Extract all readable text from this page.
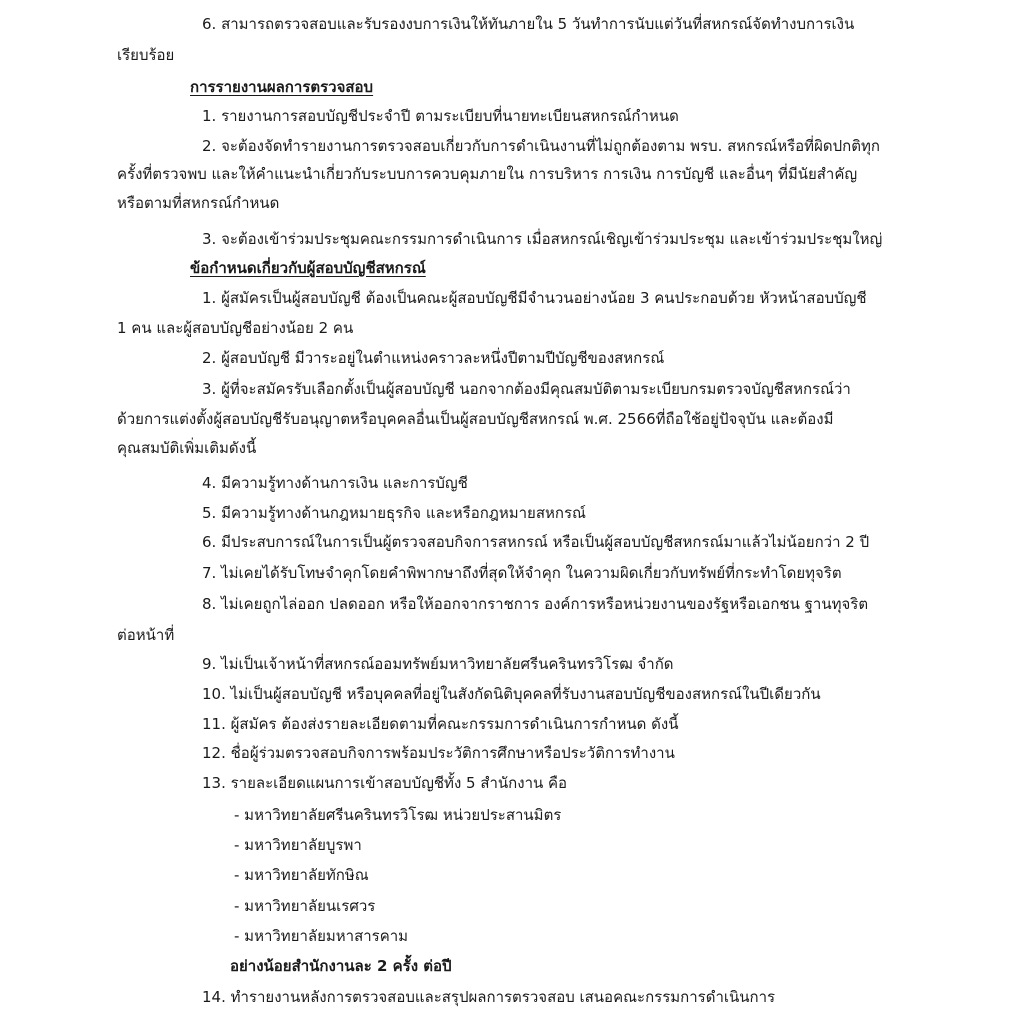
6. สามารถตรวจสอบและรับรองงบการเงินให้ทันภายใน 5 วันทำการนับแต่วันที่สหกรณ์จัดทำงบการเงิน
เรียบร้อย
การรายงานผลการตรวจสอบ
1. รายงานการสอบบัญชีประจำปี ตามระเบียบที่นายทะเบียนสหกรณ์กำหนด
2. จะต้องจัดทำรายงานการตรวจสอบเกี่ยวกับการดำเนินงานที่ไม่ถูกต้องตาม พรบ. สหกรณ์หรือที่ผิดปกติทุก
ครั้งที่ตรวจพบ และให้คำแนะนำเกี่ยวกับระบบการควบคุมภายใน การบริหาร การเงิน การบัญชี และอื่นๆ ที่มีนัยสำคัญ
หรือตามที่สหกรณ์กำหนด
3. จะต้องเข้าร่วมประชุมคณะกรรมการดำเนินการ เมื่อสหกรณ์เชิญเข้าร่วมประชุม และเข้าร่วมประชุมใหญ่
ข้อกำหนดเกี่ยวกับผู้สอบบัญชีสหกรณ์
1. ผู้สมัครเป็นผู้สอบบัญชี ต้องเป็นคณะผู้สอบบัญชีมีจำนวนอย่างน้อย 3 คนประกอบด้วย หัวหน้าสอบบัญชี
1 คน และผู้สอบบัญชีอย่างน้อย 2 คน
2. ผู้สอบบัญชี มีวาระอยู่ในตำแหน่งคราวละหนึ่งปีตามปีบัญชีของสหกรณ์
3. ผู้ที่จะสมัครรับเลือกตั้งเป็นผู้สอบบัญชี นอกจากต้องมีคุณสมบัติตามระเบียบกรมตรวจบัญชีสหกรณ์ว่า
ด้วยการแต่งตั้งผู้สอบบัญชีรับอนุญาตหรือบุคคลอื่นเป็นผู้สอบบัญชีสหกรณ์ พ.ศ. 2566ที่ถือใช้อยู่ปัจจุบัน และต้องมี
คุณสมบัติเพิ่มเติมดังนี้
4. มีความรู้ทางด้านการเงิน และการบัญชี
5. มีความรู้ทางด้านกฎหมายธุรกิจ และหรือกฎหมายสหกรณ์
6. มีประสบการณ์ในการเป็นผู้ตรวจสอบกิจการสหกรณ์ หรือเป็นผู้สอบบัญชีสหกรณ์มาแล้วไม่น้อยกว่า 2 ปี
7. ไม่เคยได้รับโทษจำคุกโดยคำพิพากษาถึงที่สุดให้จำคุก ในความผิดเกี่ยวกับทรัพย์ที่กระทำโดยทุจริต
8. ไม่เคยถูกไล่ออก ปลดออก หรือให้ออกจากราชการ องค์การหรือหน่วยงานของรัฐหรือเอกชน ฐานทุจริต
ต่อหน้าที่
9. ไม่เป็นเจ้าหน้าที่สหกรณ์ออมทรัพย์มหาวิทยาลัยศรีนครินทรวิโรฒ จำกัด
10. ไม่เป็นผู้สอบบัญชี หรือบุคคลที่อยู่ในสังกัดนิติบุคคลที่รับงานสอบบัญชีของสหกรณ์ในปีเดียวกัน
11. ผู้สมัคร ต้องส่งรายละเอียดตามที่คณะกรรมการดำเนินการกำหนด ดังนี้
12. ชื่อผู้ร่วมตรวจสอบกิจการพร้อมประวัติการศึกษาหรือประวัติการทำงาน
13. รายละเอียดแผนการเข้าสอบบัญชีทั้ง 5 สำนักงาน คือ
- มหาวิทยาลัยศรีนครินทรวิโรฒ หน่วยประสานมิตร
- มหาวิทยาลัยบูรพา
- มหาวิทยาลัยทักษิณ
- มหาวิทยาลัยนเรศวร
- มหาวิทยาลัยมหาสารคาม
อย่างน้อยสำนักงานละ 2 ครั้ง ต่อปี
14. ทำรายงานหลังการตรวจสอบและสรุปผลการตรวจสอบ เสนอคณะกรรมการดำเนินการ
